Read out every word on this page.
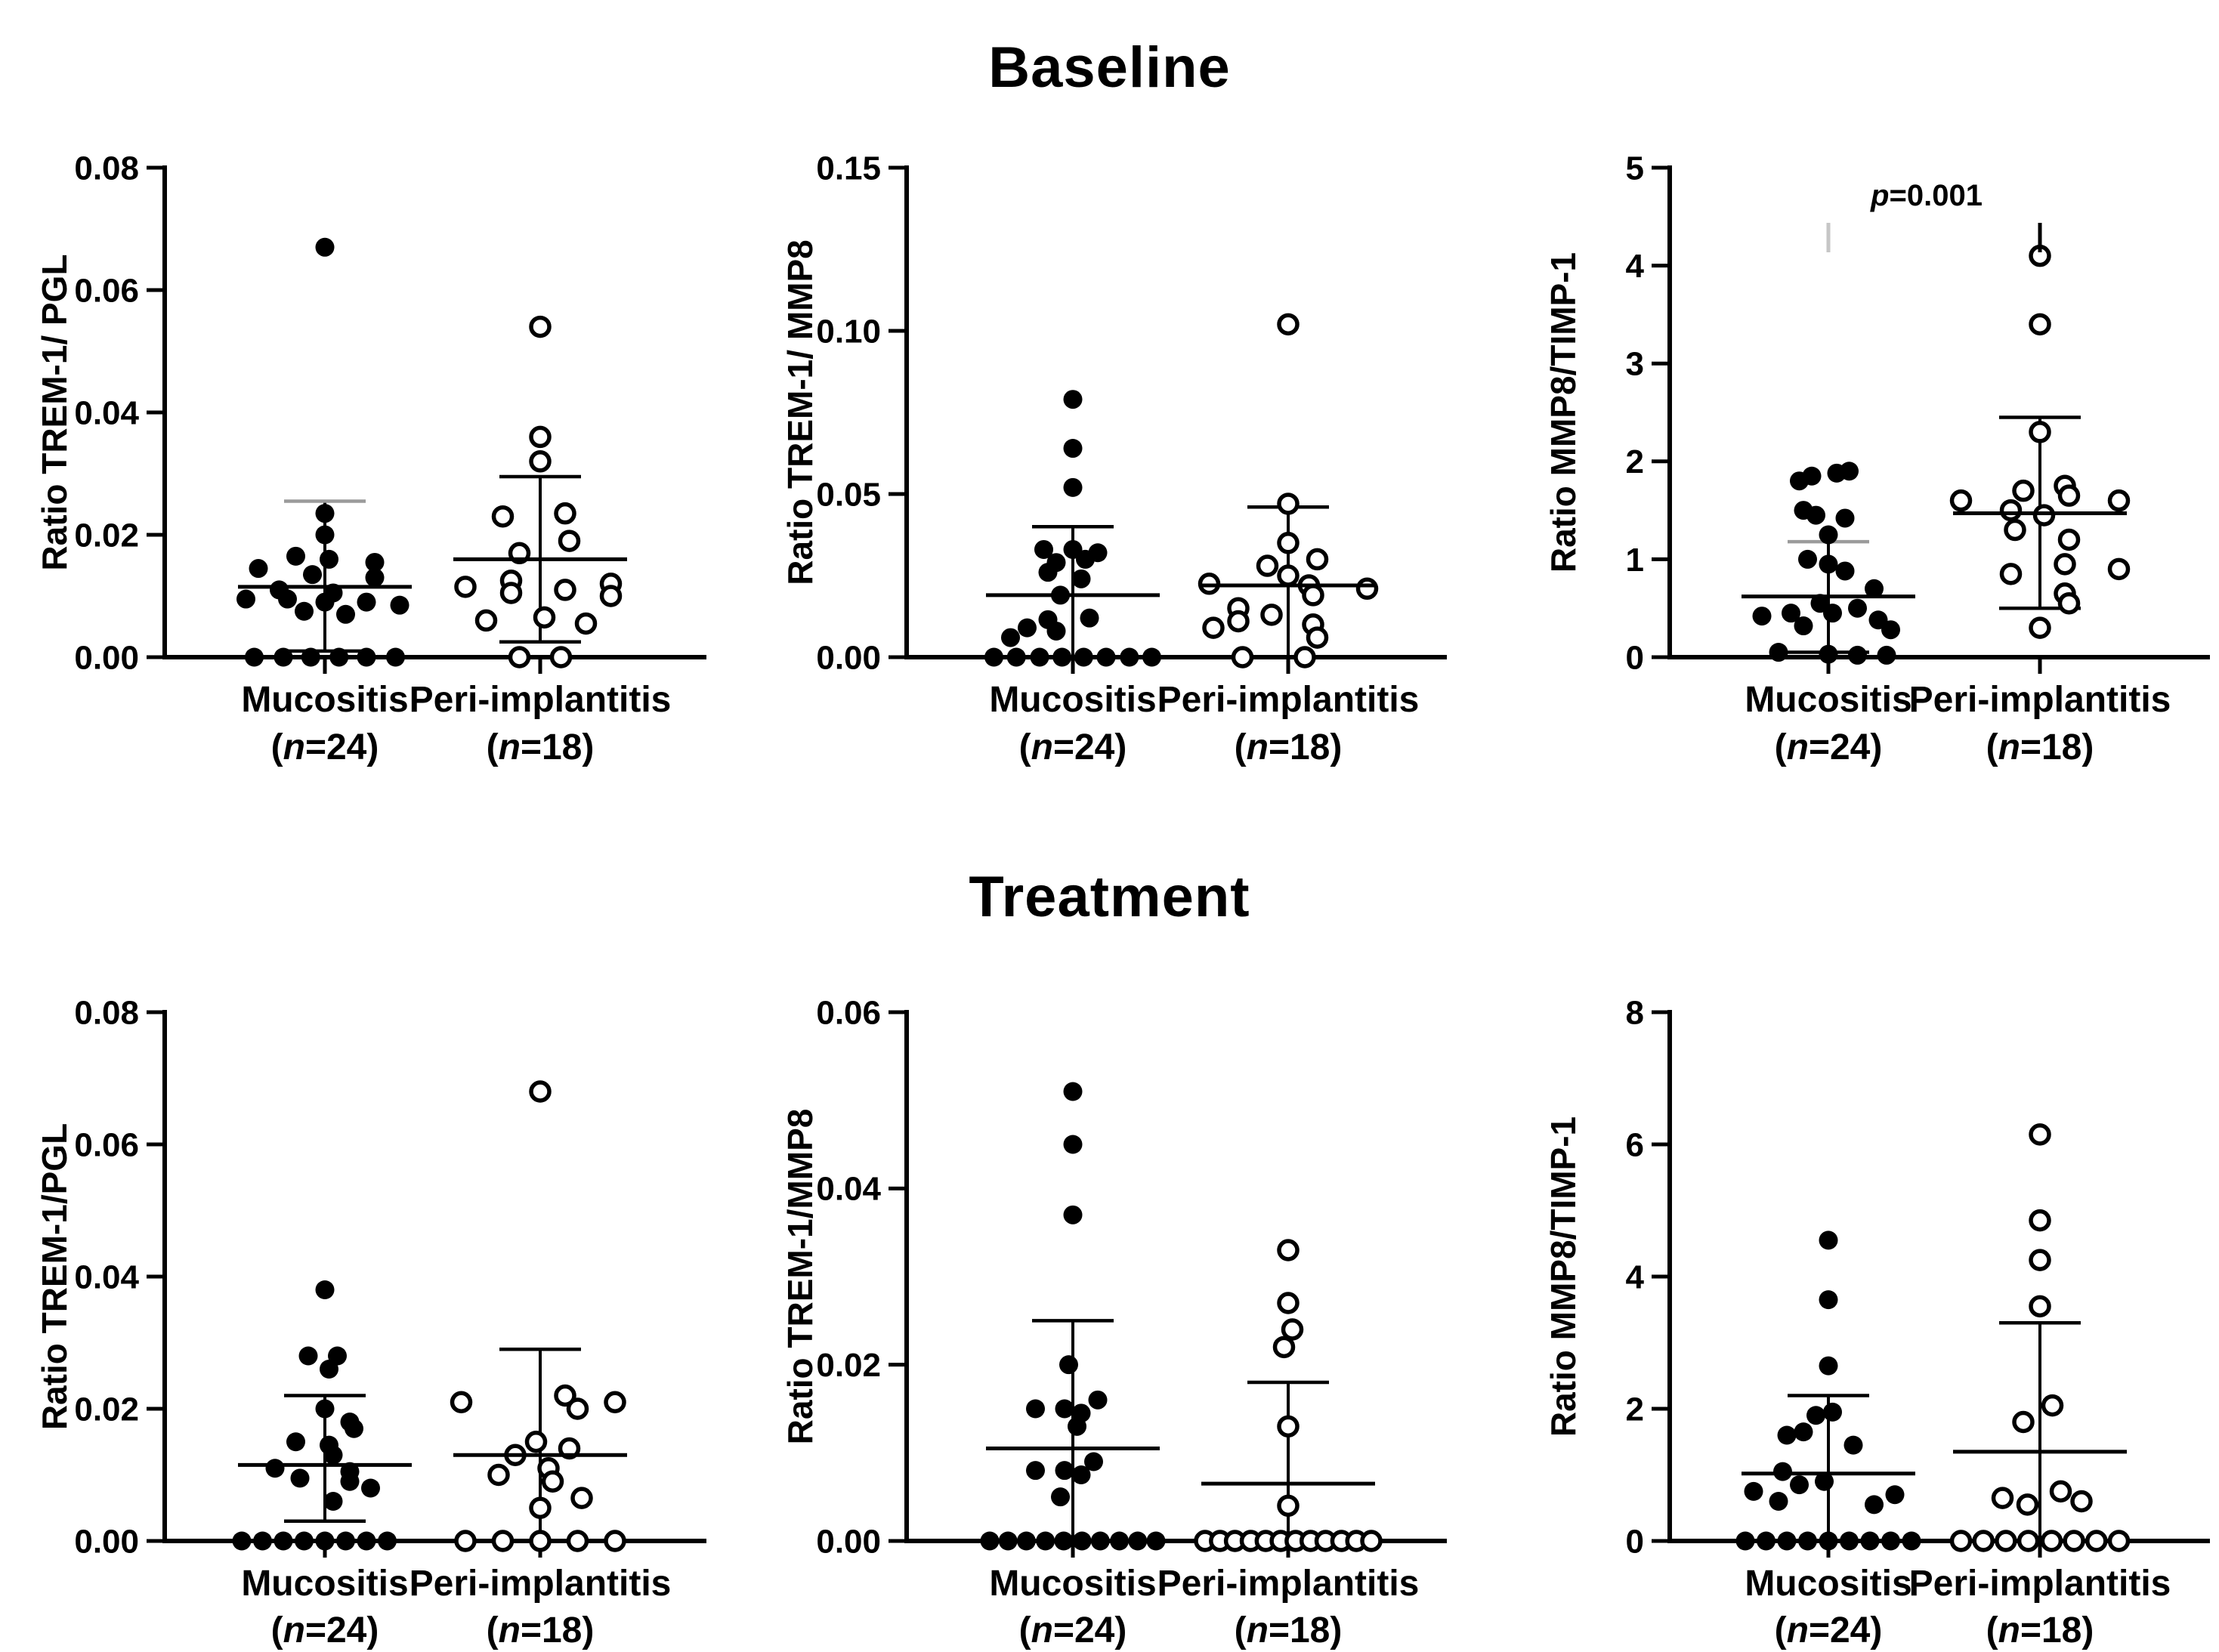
Baseline
Treatment
0.00
0.02
0.04
0.06
0.08
Ratio TREM-1/ PGL
Mucositis
(n=24)
Peri-implantitis
(n=18)
0.00
0.05
0.10
0.15
Ratio TREM-1/ MMP8
Mucositis
(n=24)
Peri-implantitis
(n=18)
0
1
2
3
4
5
Ratio MMP8/TIMP-1
Mucositis
(n=24)
Peri-implantitis
(n=18)
p=0.001
0.00
0.02
0.04
0.06
0.08
Ratio TREM-1/PGL
Mucositis
(n=24)
Peri-implantitis
(n=18)
0.00
0.02
0.04
0.06
Ratio TREM-1/MMP8
Mucositis
(n=24)
Peri-implantitis
(n=18)
0
2
4
6
8
Ratio MMP8/TIMP-1
Mucositis
(n=24)
Peri-implantitis
(n=18)
